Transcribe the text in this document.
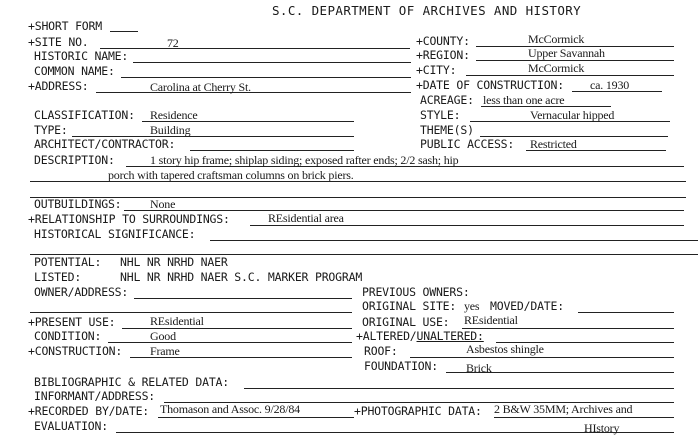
S.C. DEPARTMENT OF ARCHIVES AND HISTORY
+SHORT FORM
+SITE NO.	72	+COUNTY:	McCormick
HISTORIC NAME:	+REGION:	Upper Savannah
COMMON NAME:	+CITY:	McCormick
+ADDRESS:	Carolina at Cherry St.	+DATE OF CONSTRUCTION: ca. 1930
ACREAGE: less than one acre
CLASSIFICATION: Residence	STYLE:	Vernacular hipped
TYPE:	Building	THEME(S)
ARCHITECT/CONTRACTOR:	PUBLIC ACCESS: Restricted
DESCRIPTION:	1 story hip frame; shiplap siding; exposed rafter ends; 2/2 sash; hip
porch with tapered craftsman columns on brick piers.
OUTBUILDINGS: None
+RELATIONSHIP TO SURROUNDINGS:	REsidential area
HISTORICAL SIGNIFICANCE:
POTENTIAL: NHL NR NRHD NAER
LISTED:	NHL NR NRHD NAER S.C. MARKER PROGRAM
OWNER/ADDRESS:	PREVIOUS OWNERS:
ORIGINAL SITE: yes MOVED/DATE:
+PRESENT USE:	REsidential	ORIGINAL USE: REsidential
CONDITION:	Good	+ALTERED/UNALTERED:
+CONSTRUCTION: Frame	ROOF:	Asbestos shingle
FOUNDATION: Brick
BIBLIOGRAPHIC & RELATED DATA:
INFORMANT/ADDRESS:
+RECORDED BY/DATE: Thomason and Assoc. 9/28/84	+PHOTOGRAPHIC DATA: 2 B&W 35MM; Archives and
EVALUATION:	HIstory
